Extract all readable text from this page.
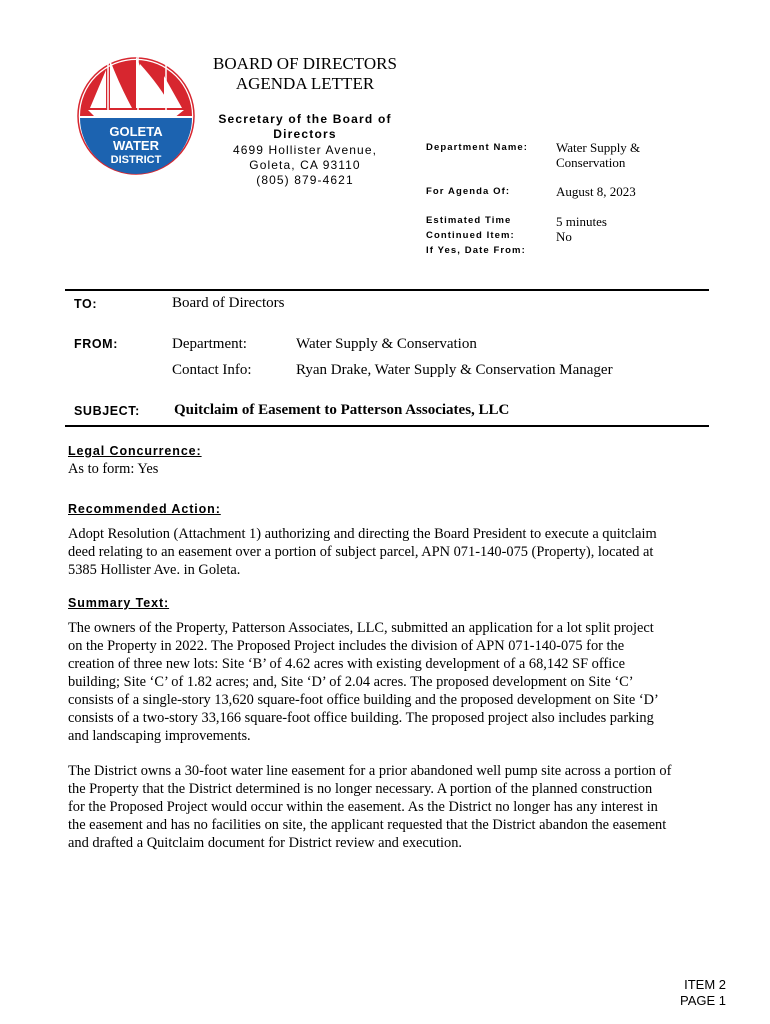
GOLETA
WATER
DISTRICT
BOARD OF DIRECTORS
AGENDA LETTER
Secretary of the Board of
Directors
4699 Hollister Avenue,
Goleta, CA 93110
(805) 879-4621
Department Name: Water Supply &
Conservation
For Agenda Of:	August 8, 2023
Estimated Time	5 minutes
Continued Item:	No
If Yes, Date From:
TO:	Board of Directors
FROM:	Department:	Water Supply & Conservation
Contact Info:	Ryan Drake, Water Supply & Conservation Manager
SUBJECT: Quitclaim of Easement to Patterson Associates, LLC
Legal Concurrence:
As to form: Yes
Recommended Action:
Adopt Resolution (Attachment 1) authorizing and directing the Board President to execute a quitclaim
deed relating to an easement over a portion of subject parcel, APN 071-140-075 (Property), located at
5385 Hollister Ave. in Goleta.
Summary Text:
The owners of the Property, Patterson Associates, LLC, submitted an application for a lot split project
on the Property in 2022. The Proposed Project includes the division of APN 071-140-075 for the
creation of three new lots: Site ‘B’ of 4.62 acres with existing development of a 68,142 SF office
building; Site ‘C’ of 1.82 acres; and, Site ‘D’ of 2.04 acres. The proposed development on Site ‘C’
consists of a single-story 13,620 square-foot office building and the proposed development on Site ‘D’
consists of a two-story 33,166 square-foot office building. The proposed project also includes parking
and landscaping improvements.
The District owns a 30-foot water line easement for a prior abandoned well pump site across a portion of
the Property that the District determined is no longer necessary. A portion of the planned construction
for the Proposed Project would occur within the easement. As the District no longer has any interest in
the easement and has no facilities on site, the applicant requested that the District abandon the easement
and drafted a Quitclaim document for District review and execution.
ITEM 2
PAGE 1
